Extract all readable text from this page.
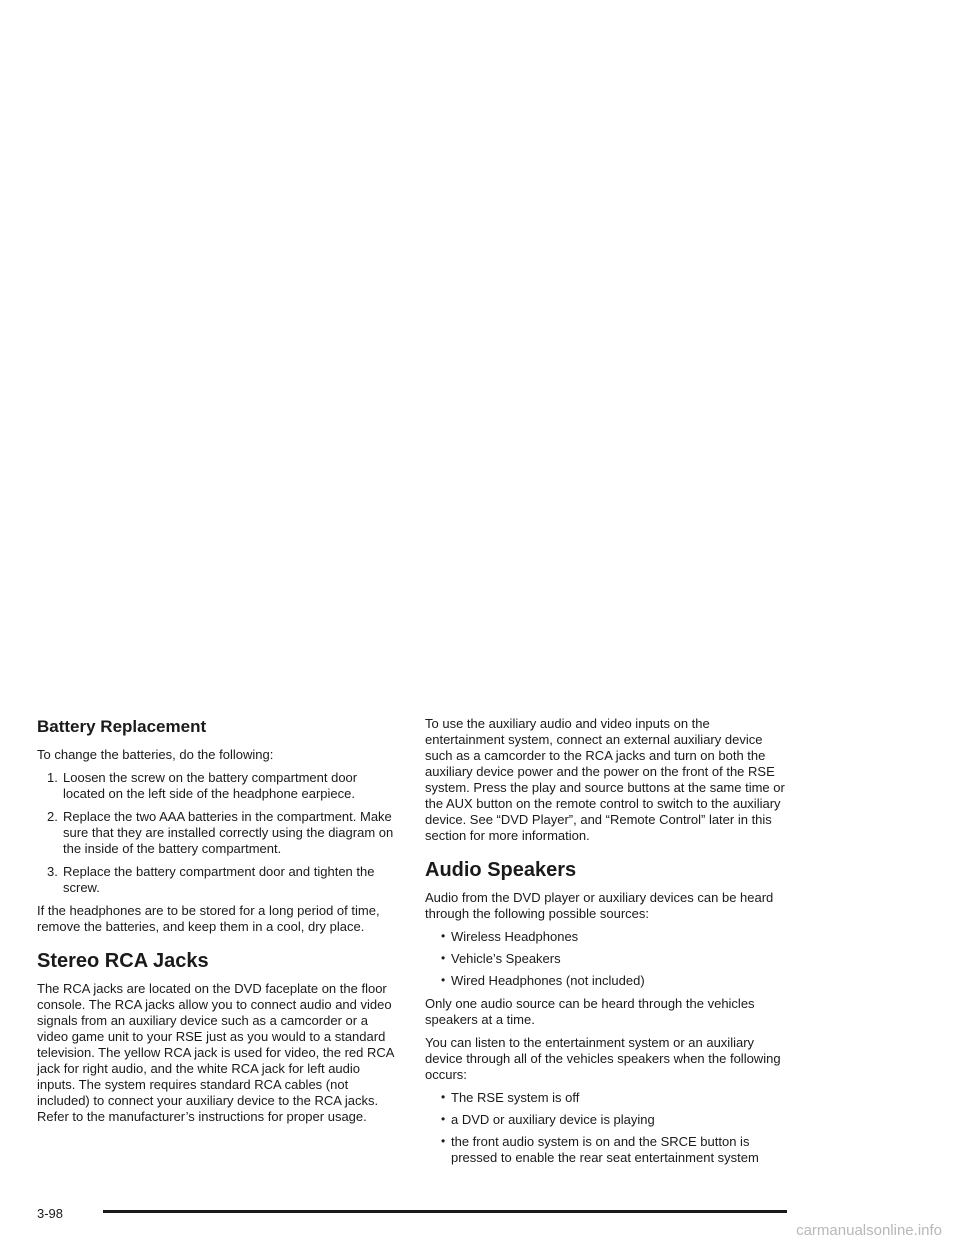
Battery Replacement

To change the batteries, do the following:

1. Loosen the screw on the battery compartment door located on the left side of the headphone earpiece.
2. Replace the two AAA batteries in the compartment. Make sure that they are installed correctly using the diagram on the inside of the battery compartment.
3. Replace the battery compartment door and tighten the screw.

If the headphones are to be stored for a long period of time, remove the batteries, and keep them in a cool, dry place.

Stereo RCA Jacks

The RCA jacks are located on the DVD faceplate on the floor console. The RCA jacks allow you to connect audio and video signals from an auxiliary device such as a camcorder or a video game unit to your RSE just as you would to a standard television. The yellow RCA jack is used for video, the red RCA jack for right audio, and the white RCA jack for left audio inputs. The system requires standard RCA cables (not included) to connect your auxiliary device to the RCA jacks. Refer to the manufacturer’s instructions for proper usage.

To use the auxiliary audio and video inputs on the entertainment system, connect an external auxiliary device such as a camcorder to the RCA jacks and turn on both the auxiliary device power and the power on the front of the RSE system. Press the play and source buttons at the same time or the AUX button on the remote control to switch to the auxiliary device. See “DVD Player”, and “Remote Control” later in this section for more information.

Audio Speakers

Audio from the DVD player or auxiliary devices can be heard through the following possible sources:

• Wireless Headphones
• Vehicle’s Speakers
• Wired Headphones (not included)

Only one audio source can be heard through the vehicles speakers at a time.

You can listen to the entertainment system or an auxiliary device through all of the vehicles speakers when the following occurs:

• The RSE system is off
• a DVD or auxiliary device is playing
• the front audio system is on and the SRCE button is pressed to enable the rear seat entertainment system
3-98
carmanualsonline.info
